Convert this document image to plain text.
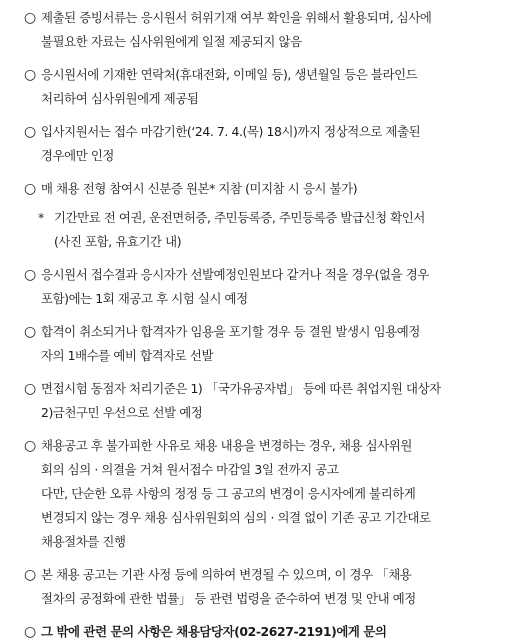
○ 제출된 증빙서류는 응시원서 허위기재 여부 확인을 위해서 활용되며, 심사에
불필요한 자료는 심사위원에게 일절 제공되지 않음
○ 응시원서에 기재한 연락처(휴대전화, 이메일 등), 생년월일 등은 블라인드
처리하여 심사위원에게 제공됨
○ 입사지원서는 접수 마감기한(‘24. 7. 4.(목) 18시)까지 정상적으로 제출된
경우에만 인정
○ 매 채용 전형 참여시 신분증 원본* 지참 (미지참 시 응시 불가)
* 기간만료 전 여권, 운전면허증, 주민등록증, 주민등록증 발급신청 확인서
(사진 포함, 유효기간 내)
○ 응시원서 접수결과 응시자가 선발예정인원보다 같거나 적을 경우(없을 경우
포함)에는 1회 재공고 후 시험 실시 예정
○ 합격이 취소되거나 합격자가 임용을 포기할 경우 등 결원 발생시 임용예정
자의 1배수를 예비 합격자로 선발
○ 면접시험 동점자 처리기준은 1) 「국가유공자법」 등에 따른 취업지원 대상자
2)금천구민 우선으로 선발 예정
○ 채용공고 후 불가피한 사유로 채용 내용을 변경하는 경우, 채용 심사위원
회의 심의 · 의결을 거쳐 원서접수 마감일 3일 전까지 공고
다만, 단순한 오류 사항의 정정 등 그 공고의 변경이 응시자에게 불리하게
변경되지 않는 경우 채용 심사위원회의 심의 · 의결 없이 기존 공고 기간대로
채용절차를 진행
○ 본 채용 공고는 기관 사정 등에 의하여 변경될 수 있으며, 이 경우 「채용
절차의 공정화에 관한 법률」 등 관련 법령을 준수하여 변경 및 안내 예정
○ 그 밖에 관련 문의 사항은 채용담당자(02-2627-2191)에게 문의
